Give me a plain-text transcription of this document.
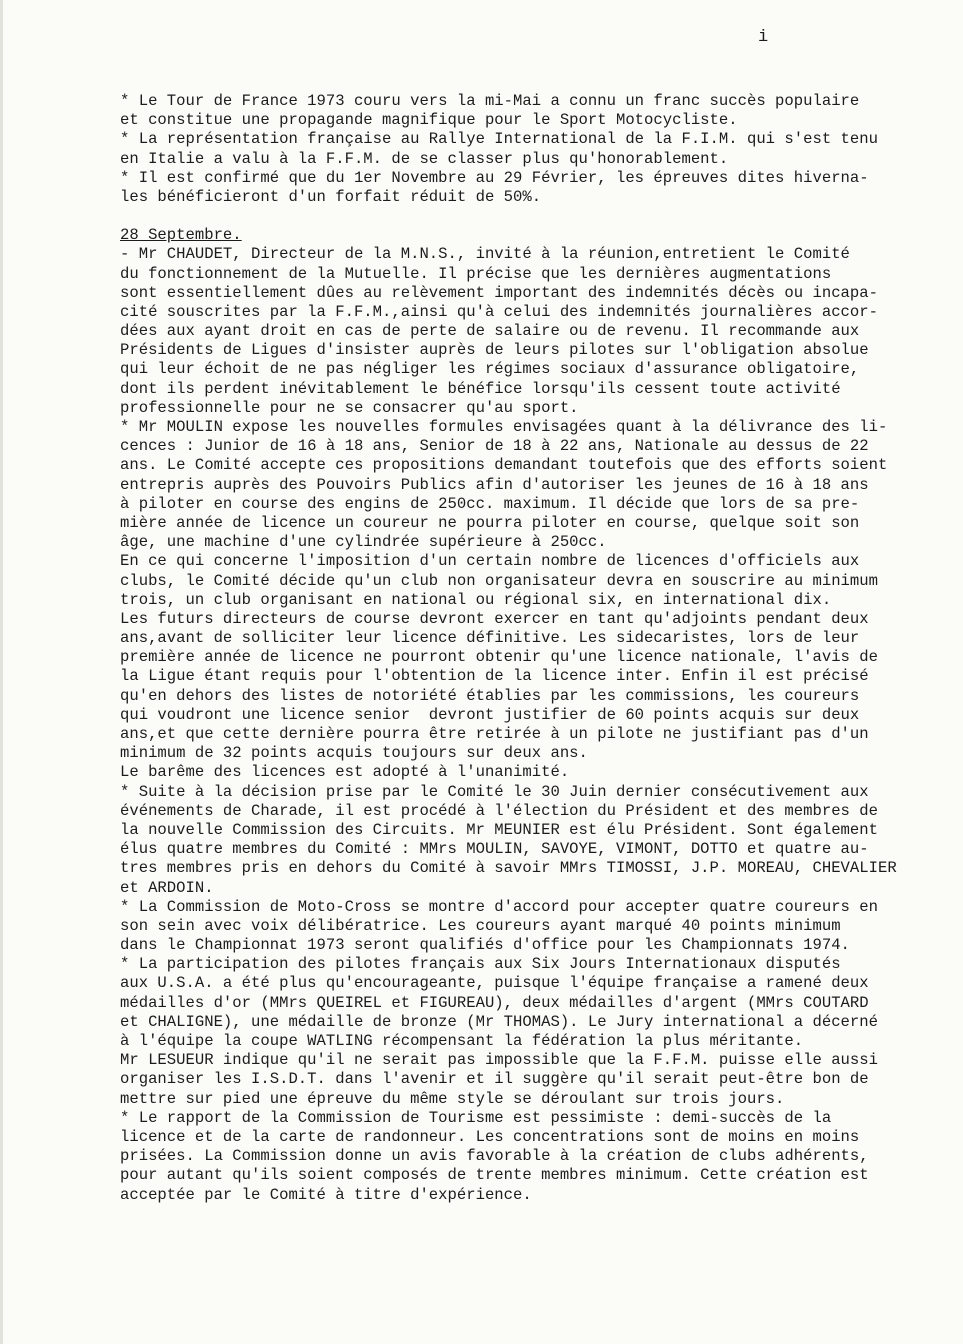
i
* Le Tour de France 1973 couru vers la mi-Mai a connu un franc succès populaire
et constitue une propagande magnifique pour le Sport Motocycliste.
* La représentation française au Rallye International de la F.I.M. qui s'est tenu
en Italie a valu à la F.F.M. de se classer plus qu'honorablement.
* Il est confirmé que du 1er Novembre au 29 Février, les épreuves dites hiverna-
les bénéficieront d'un forfait réduit de 50%.
28 Septembre.
- Mr CHAUDET, Directeur de la M.N.S., invité à la réunion,entretient le Comité
du fonctionnement de la Mutuelle. Il précise que les dernières augmentations
sont essentiellement dûes au relèvement important des indemnités décès ou incapa-
cité souscrites par la F.F.M.,ainsi qu'à celui des indemnités journalières accor-
dées aux ayant droit en cas de perte de salaire ou de revenu. Il recommande aux
Présidents de Ligues d'insister auprès de leurs pilotes sur l'obligation absolue
qui leur échoit de ne pas négliger les régimes sociaux d'assurance obligatoire,
dont ils perdent inévitablement le bénéfice lorsqu'ils cessent toute activité
professionnelle pour ne se consacrer qu'au sport.
* Mr MOULIN expose les nouvelles formules envisagées quant à la délivrance des li-
cences : Junior de 16 à 18 ans, Senior de 18 à 22 ans, Nationale au dessus de 22
ans. Le Comité accepte ces propositions demandant toutefois que des efforts soient
entrepris auprès des Pouvoirs Publics afin d'autoriser les jeunes de 16 à 18 ans
à piloter en course des engins de 250cc. maximum. Il décide que lors de sa pre-
mière année de licence un coureur ne pourra piloter en course, quelque soit son
âge, une machine d'une cylindrée supérieure à 250cc.
En ce qui concerne l'imposition d'un certain nombre de licences d'officiels aux
clubs, le Comité décide qu'un club non organisateur devra en souscrire au minimum
trois, un club organisant en national ou régional six, en international dix.
Les futurs directeurs de course devront exercer en tant qu'adjoints pendant deux
ans,avant de solliciter leur licence définitive. Les sidecaristes, lors de leur
première année de licence ne pourront obtenir qu'une licence nationale, l'avis de
la Ligue étant requis pour l'obtention de la licence inter. Enfin il est précisé
qu'en dehors des listes de notoriété établies par les commissions, les coureurs
qui voudront une licence senior  devront justifier de 60 points acquis sur deux
ans,et que cette dernière pourra être retirée à un pilote ne justifiant pas d'un
minimum de 32 points acquis toujours sur deux ans.
Le barême des licences est adopté à l'unanimité.
* Suite à la décision prise par le Comité le 30 Juin dernier consécutivement aux
événements de Charade, il est procédé à l'élection du Président et des membres de
la nouvelle Commission des Circuits. Mr MEUNIER est élu Président. Sont également
élus quatre membres du Comité : MMrs MOULIN, SAVOYE, VIMONT, DOTTO et quatre au-
tres membres pris en dehors du Comité à savoir MMrs TIMOSSI, J.P. MOREAU, CHEVALIER
et ARDOIN.
* La Commission de Moto-Cross se montre d'accord pour accepter quatre coureurs en
son sein avec voix délibératrice. Les coureurs ayant marqué 40 points minimum
dans le Championnat 1973 seront qualifiés d'office pour les Championnats 1974.
* La participation des pilotes français aux Six Jours Internationaux disputés
aux U.S.A. a été plus qu'encourageante, puisque l'équipe française a ramené deux
médailles d'or (MMrs QUEIREL et FIGUREAU), deux médailles d'argent (MMrs COUTARD
et CHALIGNE), une médaille de bronze (Mr THOMAS). Le Jury international a décerné
à l'équipe la coupe WATLING récompensant la fédération la plus méritante.
Mr LESUEUR indique qu'il ne serait pas impossible que la F.F.M. puisse elle aussi
organiser les I.S.D.T. dans l'avenir et il suggère qu'il serait peut-être bon de
mettre sur pied une épreuve du même style se déroulant sur trois jours.
* Le rapport de la Commission de Tourisme est pessimiste : demi-succès de la
licence et de la carte de randonneur. Les concentrations sont de moins en moins
prisées. La Commission donne un avis favorable à la création de clubs adhérents,
pour autant qu'ils soient composés de trente membres minimum. Cette création est
acceptée par le Comité à titre d'expérience.
